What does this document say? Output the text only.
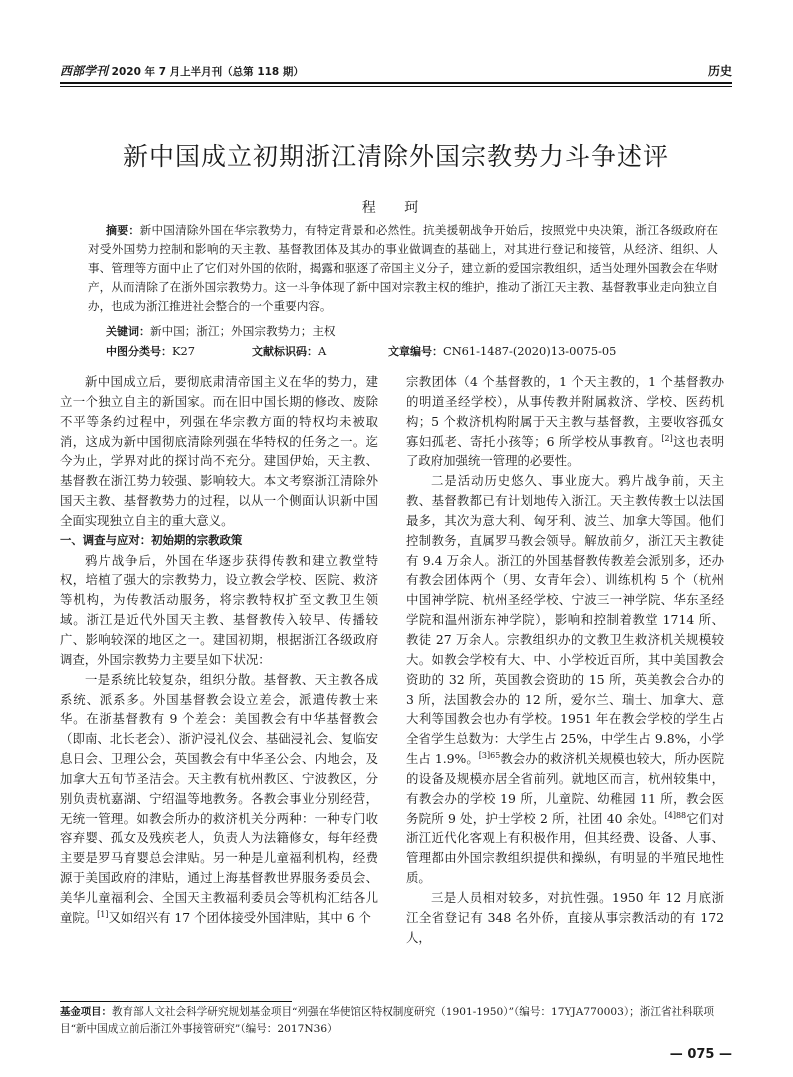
西部学刊 2020 年 7 月上半月刊（总第 118 期）	历史
新中国成立初期浙江清除外国宗教势力斗争述评
程 珂
摘要：新中国清除外国在华宗教势力，有特定背景和必然性。抗美援朝战争开始后，按照党中央决策，浙江各级政府在对受外国势力控制和影响的天主教、基督教团体及其办的事业做调查的基础上，对其进行登记和接管，从经济、组织、人事、管理等方面中止了它们对外国的依附，揭露和驱逐了帝国主义分子，建立新的爱国宗教组织，适当处理外国教会在华财产，从而清除了在浙外国宗教势力。这一斗争体现了新中国对宗教主权的维护，推动了浙江天主教、基督教事业走向独立自办，也成为浙江推进社会整合的一个重要内容。
关键词：新中国；浙江；外国宗教势力；主权
中图分类号：K27	文献标识码：A	文章编号：CN61-1487-(2020)13-0075-05

新中国成立后，要彻底肃清帝国主义在华的势力，建立一个独立自主的新国家。而在旧中国长期的修改、废除不平等条约过程中，列强在华宗教方面的特权均未被取消，这成为新中国彻底清除列强在华特权的任务之一。迄今为止，学界对此的探讨尚不充分。建国伊始，天主教、基督教在浙江势力较强、影响较大。本文考察浙江清除外国天主教、基督教势力的过程，以从一个侧面认识新中国全面实现独立自主的重大意义。

一、调查与应对：初始期的宗教政策

鸦片战争后，外国在华逐步获得传教和建立教堂特权，培植了强大的宗教势力，设立教会学校、医院、救济等机构，为传教活动服务，将宗教特权扩至文教卫生领域。浙江是近代外国天主教、基督教传入较早、传播较广、影响较深的地区之一。建国初期，根据浙江各级政府调查，外国宗教势力主要呈如下状况：

一是系统比较复杂，组织分散。基督教、天主教各成系统、派系多。外国基督教会设立差会，派遣传教士来华。在浙基督教有 9 个差会：美国教会有中华基督教会（即南、北长老会）、浙沪浸礼仪会、基础浸礼会、复临安息日会、卫理公会，英国教会有中华圣公会、内地会，及加拿大五旬节圣洁会。天主教有杭州教区、宁波教区，分别负责杭嘉湖、宁绍温等地教务。各教会事业分别经营，无统一管理。如教会所办的救济机关分两种：一种专门收容弃婴、孤女及残疾老人，负责人为法籍修女，每年经费主要是罗马育婴总会津贴。另一种是儿童福利机构，经费源于美国政府的津贴，通过上海基督教世界服务委员会、美华儿童福利会、全国天主教福利委员会等机构汇结各儿童院。[1]又如绍兴有 17 个团体接受外国津贴，其中 6 个

宗教团体（4 个基督教的，1 个天主教的，1 个基督教办的明道圣经学校），从事传教并附属救济、学校、医药机构；5 个救济机构附属于天主教与基督教，主要收容孤女寡妇孤老、寄托小孩等；6 所学校从事教育。[2]这也表明了政府加强统一管理的必要性。

二是活动历史悠久、事业庞大。鸦片战争前，天主教、基督教都已有计划地传入浙江。天主教传教士以法国最多，其次为意大利、匈牙利、波兰、加拿大等国。他们控制教务，直属罗马教会领导。解放前夕，浙江天主教徒有 9.4 万余人。浙江的外国基督教传教差会派别多，还办有教会团体两个（男、女青年会）、训练机构 5 个（杭州中国神学院、杭州圣经学校、宁波三一神学院、华东圣经学院和温州浙东神学院），影响和控制着教堂 1714 所、教徒 27 万余人。宗教组织办的文教卫生救济机关规模较大。如教会学校有大、中、小学校近百所，其中美国教会资助的 32 所，英国教会资助的 15 所，英美教会合办的 3 所，法国教会办的 12 所，爱尔兰、瑞士、加拿大、意大利等国教会也办有学校。1951 年在教会学校的学生占全省学生总数为：大学生占 25%，中学生占 9.8%，小学生占 1.9%。$^{[3]65}$教会办的救济机关规模也较大，所办医院的设备及规模亦居全省前列。就地区而言，杭州较集中，有教会办的学校 19 所，儿童院、幼稚园 11 所，教会医务院所 9 处，护士学校 2 所，社团 40 余处。$^{[4]88}$它们对浙江近代化客观上有积极作用，但其经费、设备、人事、管理都由外国宗教组织提供和操纵，有明显的半殖民地性质。

三是人员相对较多，对抗性强。1950 年 12 月底浙江全省登记有 348 名外侨，直接从事宗教活动的有 172 人，

基金项目：教育部人文社会科学研究规划基金项目“列强在华使馆区特权制度研究（1901-1950）”（编号：17YJA770003）；浙江省社科联项目“新中国成立前后浙江外事接管研究”（编号：2017N36）
— 075 —
